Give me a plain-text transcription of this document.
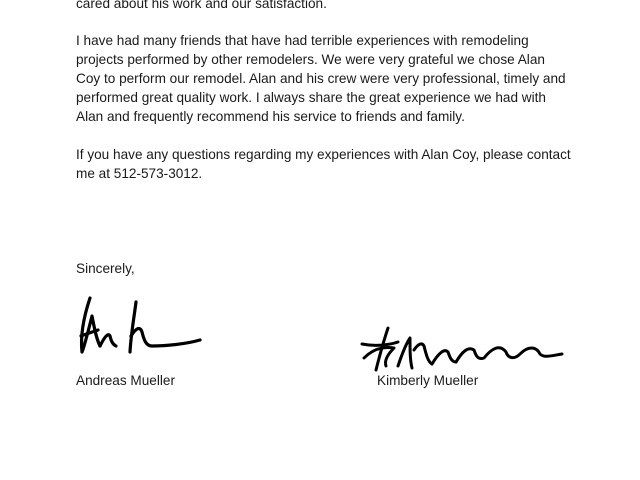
cared about his work and our satisfaction.

I have had many friends that have had terrible experiences with remodeling
projects performed by other remodelers. We were very grateful we chose Alan
Coy to perform our remodel. Alan and his crew were very professional, timely and
performed great quality work. I always share the great experience we had with
Alan and frequently recommend his service to friends and family.

If you have any questions regarding my experiences with Alan Coy, please contact
me at 512-573-3012.

Sincerely,

Andreas Mueller	Kimberly Mueller
